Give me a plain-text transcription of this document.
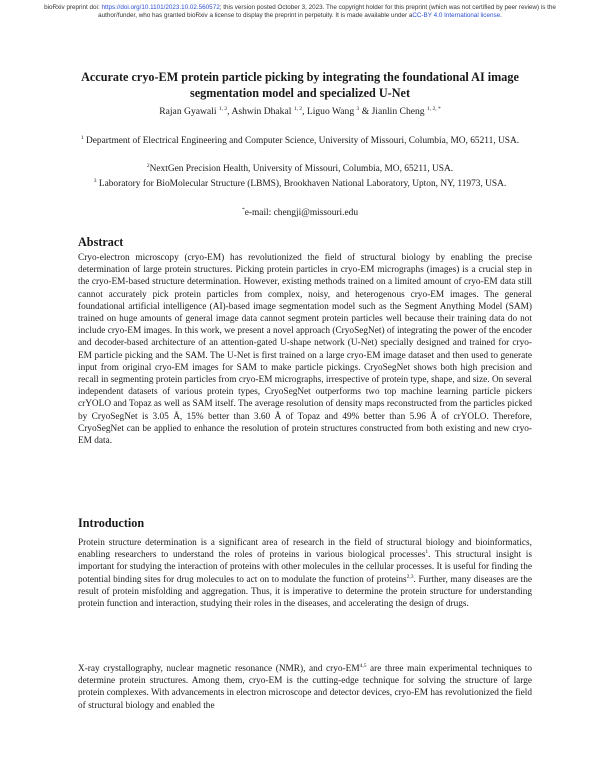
bioRxiv preprint doi: https://doi.org/10.1101/2023.10.02.560572; this version posted October 3, 2023. The copyright holder for this preprint (which was not certified by peer review) is the author/funder, who has granted bioRxiv a license to display the preprint in perpetuity. It is made available under aCC-BY 4.0 International license.
Accurate cryo-EM protein particle picking by integrating the foundational AI image segmentation model and specialized U-Net
Rajan Gyawali $^{1, 2}$, Ashwin Dhakal $^{1, 2}$, Liguo Wang $^3$ & Jianlin Cheng $^{1, 2, *}$
$^1$ Department of Electrical Engineering and Computer Science, University of Missouri, Columbia, MO, 65211, USA.
$^2$NextGen Precision Health, University of Missouri, Columbia, MO, 65211, USA.
$^3$ Laboratory for BioMolecular Structure (LBMS), Brookhaven National Laboratory, Upton, NY, 11973, USA.
*e-mail: chengji@missouri.edu
Abstract
Cryo-electron microscopy (cryo-EM) has revolutionized the field of structural biology by enabling the precise determination of large protein structures. Picking protein particles in cryo-EM micrographs (images) is a crucial step in the cryo-EM-based structure determination. However, existing methods trained on a limited amount of cryo-EM data still cannot accurately pick protein particles from complex, noisy, and heterogenous cryo-EM images. The general foundational artificial intelligence (AI)-based image segmentation model such as the Segment Anything Model (SAM) trained on huge amounts of general image data cannot segment protein particles well because their training data do not include cryo-EM images. In this work, we present a novel approach (CryoSegNet) of integrating the power of the encoder and decoder-based architecture of an attention-gated U-shape network (U-Net) specially designed and trained for cryo-EM particle picking and the SAM. The U-Net is first trained on a large cryo-EM image dataset and then used to generate input from original cryo-EM images for SAM to make particle pickings. CryoSegNet shows both high precision and recall in segmenting protein particles from cryo-EM micrographs, irrespective of protein type, shape, and size. On several independent datasets of various protein types, CryoSegNet outperforms two top machine learning particle pickers crYOLO and Topaz as well as SAM itself. The average resolution of density maps reconstructed from the particles picked by CryoSegNet is 3.05 Å, 15% better than 3.60 Å of Topaz and 49% better than 5.96 Å of crYOLO. Therefore, CryoSegNet can be applied to enhance the resolution of protein structures constructed from both existing and new cryo-EM data.
Introduction
Protein structure determination is a significant area of research in the field of structural biology and bioinformatics, enabling researchers to understand the roles of proteins in various biological processes$^1$. This structural insight is important for studying the interaction of proteins with other molecules in the cellular processes. It is useful for finding the potential binding sites for drug molecules to act on to modulate the function of proteins$^{2,3}$. Further, many diseases are the result of protein misfolding and aggregation. Thus, it is imperative to determine the protein structure for understanding protein function and interaction, studying their roles in the diseases, and accelerating the design of drugs.
X-ray crystallography, nuclear magnetic resonance (NMR), and cryo-EM$^{4,5}$ are three main experimental techniques to determine protein structures. Among them, cryo-EM is the cutting-edge technique for solving the structure of large protein complexes. With advancements in electron microscope and detector devices, cryo-EM has revolutionized the field of structural biology and enabled the
